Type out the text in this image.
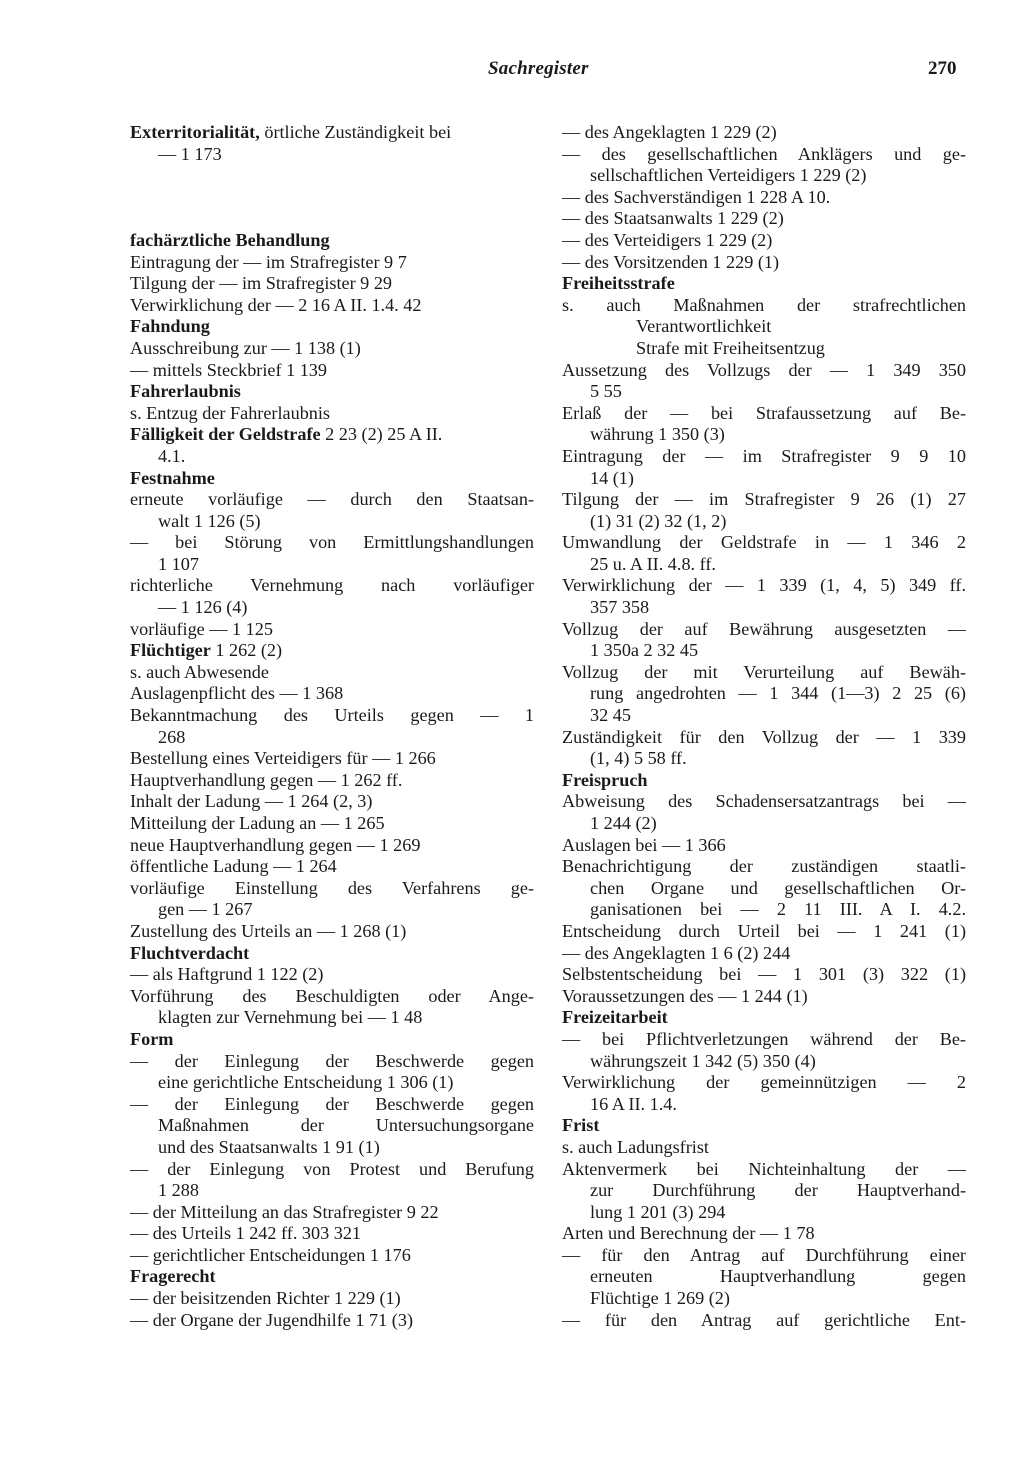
Sachregister	270
Exterritorialität, örtliche Zuständigkeit bei
— 1 173
fachärztliche Behandlung
Eintragung der — im Strafregister 9 7
Tilgung der — im Strafregister 9 29
Verwirklichung der — 2 16 A II. 1.4. 42
Fahndung
Ausschreibung zur — 1 138 (1)
— mittels Steckbrief 1 139
Fahrerlaubnis
s. Entzug der Fahrerlaubnis
Fälligkeit der Geldstrafe 2 23 (2) 25 A II.
4.1.
Festnahme
erneute vorläufige — durch den Staatsan-
walt 1 126 (5)
— bei Störung von Ermittlungshandlungen
1 107
richterliche Vernehmung nach vorläufiger
— 1 126 (4)
vorläufige — 1 125
Flüchtiger 1 262 (2)
s. auch Abwesende
Auslagenpflicht des — 1 368
Bekanntmachung des Urteils gegen — 1
268
Bestellung eines Verteidigers für — 1 266
Hauptverhandlung gegen — 1 262 ff.
Inhalt der Ladung — 1 264 (2, 3)
Mitteilung der Ladung an — 1 265
neue Hauptverhandlung gegen — 1 269
öffentliche Ladung — 1 264
vorläufige Einstellung des Verfahrens ge-
gen — 1 267
Zustellung des Urteils an — 1 268 (1)
Fluchtverdacht
— als Haftgrund 1 122 (2)
Vorführung des Beschuldigten oder Ange-
klagten zur Vernehmung bei — 1 48
Form
— der Einlegung der Beschwerde gegen
eine gerichtliche Entscheidung 1 306 (1)
— der Einlegung der Beschwerde gegen
Maßnahmen der Untersuchungsorgane
und des Staatsanwalts 1 91 (1)
— der Einlegung von Protest und Berufung
1 288
— der Mitteilung an das Strafregister 9 22
— des Urteils 1 242 ff. 303 321
— gerichtlicher Entscheidungen 1 176
Fragerecht
— der beisitzenden Richter 1 229 (1)
— der Organe der Jugendhilfe 1 71 (3)
— des Angeklagten 1 229 (2)
— des gesellschaftlichen Anklägers und ge-
sellschaftlichen Verteidigers 1 229 (2)
— des Sachverständigen 1 228 A 10.
— des Staatsanwalts 1 229 (2)
— des Verteidigers 1 229 (2)
— des Vorsitzenden 1 229 (1)
Freiheitsstrafe
s. auch Maßnahmen der strafrechtlichen
Verantwortlichkeit
Strafe mit Freiheitsentzug
Aussetzung des Vollzugs der — 1 349 350
5 55
Erlaß der — bei Strafaussetzung auf Be-
währung 1 350 (3)
Eintragung der — im Strafregister 9 9 10
14 (1)
Tilgung der — im Strafregister 9 26 (1) 27
(1) 31 (2) 32 (1, 2)
Umwandlung der Geldstrafe in — 1 346 2
25 u. A II. 4.8. ff.
Verwirklichung der — 1 339 (1, 4, 5) 349 ff.
357 358
Vollzug der auf Bewährung ausgesetzten —
1 350a 2 32 45
Vollzug der mit Verurteilung auf Bewäh-
rung angedrohten — 1 344 (1—3) 2 25 (6)
32 45
Zuständigkeit für den Vollzug der — 1 339
(1, 4) 5 58 ff.
Freispruch
Abweisung des Schadensersatzantrags bei —
1 244 (2)
Auslagen bei — 1 366
Benachrichtigung der zuständigen staatli-
chen Organe und gesellschaftlichen Or-
ganisationen bei — 2 11 III. A I. 4.2.
Entscheidung durch Urteil bei — 1 241 (1)
— des Angeklagten 1 6 (2) 244
Selbstentscheidung bei — 1 301 (3) 322 (1)
Voraussetzungen des — 1 244 (1)
Freizeitarbeit
— bei Pflichtverletzungen während der Be-
währungszeit 1 342 (5) 350 (4)
Verwirklichung der gemeinnützigen — 2
16 A II. 1.4.
Frist
s. auch Ladungsfrist
Aktenvermerk bei Nichteinhaltung der —
zur Durchführung der Hauptverhand-
lung 1 201 (3) 294
Arten und Berechnung der — 1 78
— für den Antrag auf Durchführung einer
erneuten Hauptverhandlung gegen
Flüchtige 1 269 (2)
— für den Antrag auf gerichtliche Ent-
